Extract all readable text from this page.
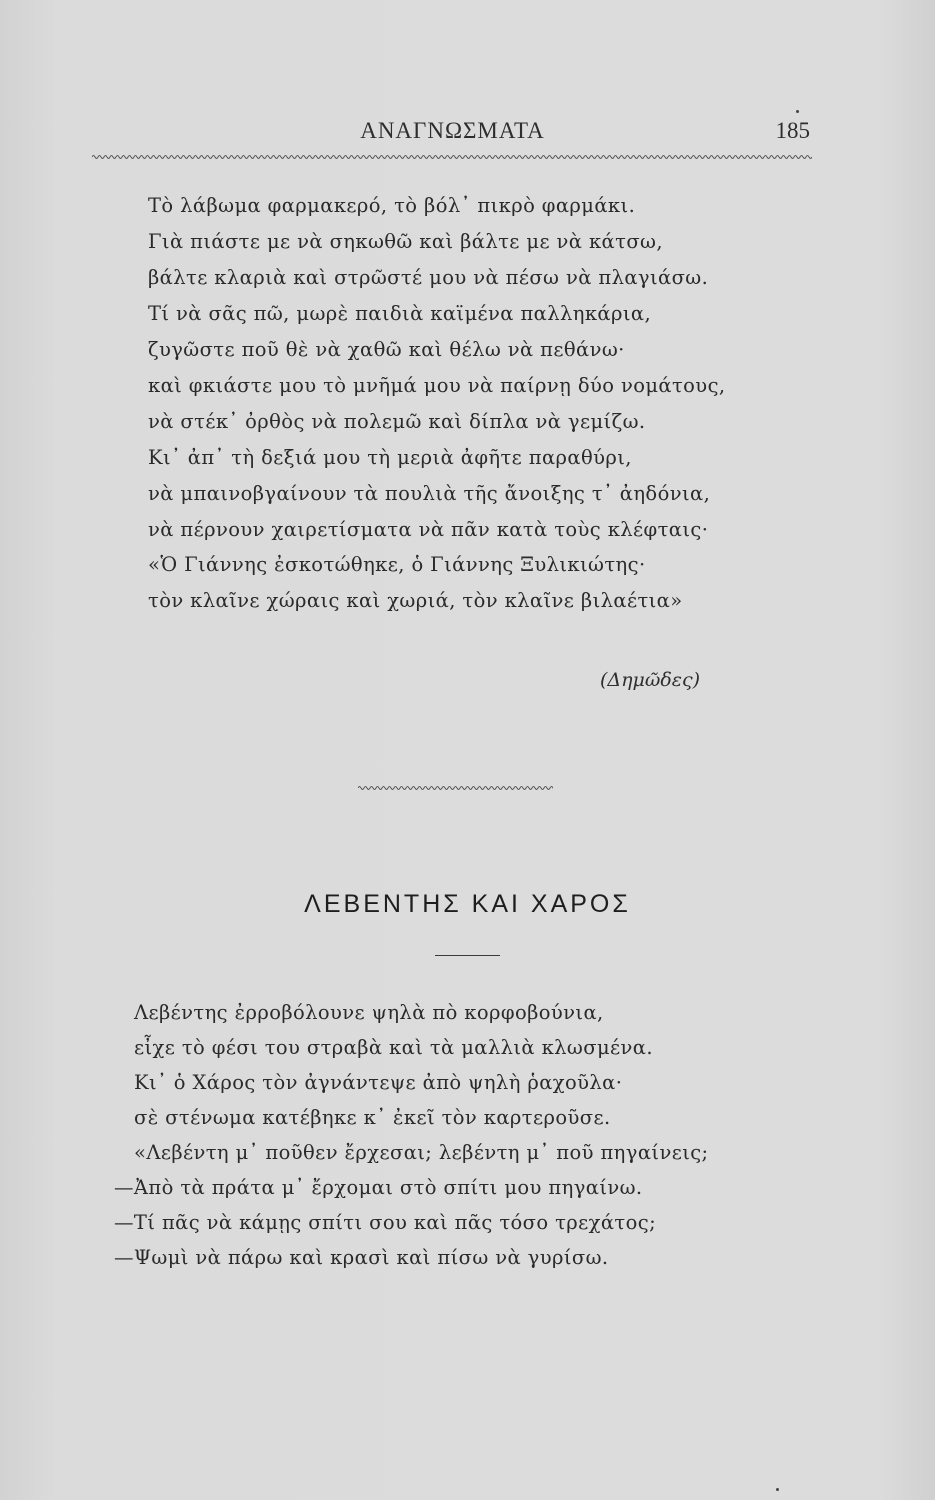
ΑΝΑΓΝΩΣΜΑΤΑ	185
Τὸ λάβωμα φαρμακερό, τὸ βόλ᾽ πικρὸ φαρμάκι.
Γιὰ πιάστε με νὰ σηκωθῶ καὶ βάλτε με νὰ κάτσω,
βάλτε κλαριὰ καὶ στρῶστέ μου νὰ πέσω νὰ πλαγιάσω.
Τί νὰ σᾶς πῶ, μωρὲ παιδιὰ καϊμένα παλληκάρια,
ζυγῶστε ποῦ θὲ νὰ χαθῶ καὶ θέλω νὰ πεθάνω·
καὶ φκιάστε μου τὸ μνῆμά μου νὰ παίρνῃ δύο νομάτους,
νὰ στέκ᾽ ὀρθὸς νὰ πολεμῶ καὶ δίπλα νὰ γεμίζω.
Κι᾽ ἀπ᾽ τὴ δεξιά μου τὴ μεριὰ ἀφῆτε παραθύρι,
νὰ μπαινοβγαίνουν τὰ πουλιὰ τῆς ἄνοιξης τ᾽ ἀηδόνια,
νὰ πέρνουν χαιρετίσματα νὰ πᾶν κατὰ τοὺς κλέφταις·
«Ὁ Γιάννης ἐσκοτώθηκε, ὁ Γιάννης Ξυλικιώτης·
τὸν κλαῖνε χώραις καὶ χωριά, τὸν κλαῖνε βιλαέτια»
(Δημῶδες)
ΛΕΒΕΝΤΗΣ ΚΑΙ ΧΑΡΟΣ
Λεβέντης ἐρροβόλουνε ψηλὰ πὸ κορφοβούνια,
εἶχε τὸ φέσι του στραβὰ καὶ τὰ μαλλιὰ κλωσμένα.
Κι᾽ ὁ Χάρος τὸν ἀγνάντεψε ἀπὸ ψηλὴ ῥαχοῦλα·
σὲ στένωμα κατέβηκε κ᾽ ἐκεῖ τὸν καρτεροῦσε.
«Λεβέντη μ᾽ ποῦθεν ἔρχεσαι; λεβέντη μ᾽ ποῦ πηγαίνεις;
—Ἀπὸ τὰ πράτα μ᾽ ἔρχομαι στὸ σπίτι μου πηγαίνω.
—Τί πᾶς νὰ κάμῃς σπίτι σου καὶ πᾶς τόσο τρεχάτος;
—Ψωμὶ νὰ πάρω καὶ κρασὶ καὶ πίσω νὰ γυρίσω.
